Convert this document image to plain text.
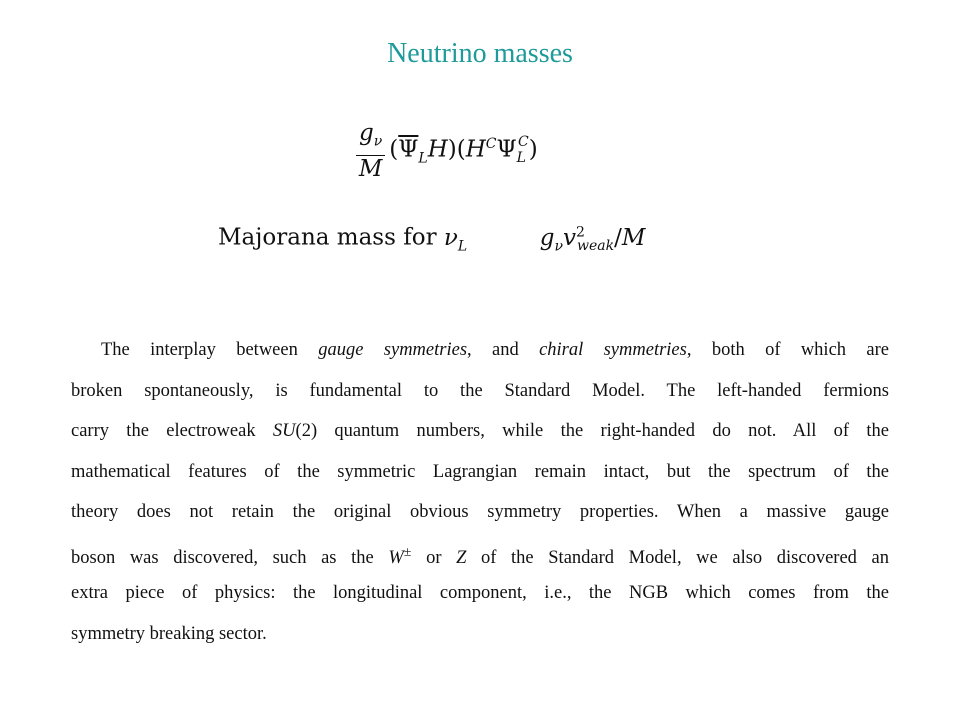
Neutrino masses
$\frac{g_\nu}{M} (\overline{\Psi}_LH)(H^C\Psi_L^C)$
Majorana mass for $\nu_L$	$g_\nu v^2_{weak}/M$
The interplay between gauge symmetries, and chiral symmetries, both of which are
broken spontaneously, is fundamental to the Standard Model. The left-handed fermions
carry the electroweak SU(2) quantum numbers, while the right-handed do not. All of the
mathematical features of the symmetric Lagrangian remain intact, but the spectrum of the
theory does not retain the original obvious symmetry properties. When a massive gauge
boson was discovered, such as the W± or Z of the Standard Model, we also discovered an
extra piece of physics: the longitudinal component, i.e., the NGB which comes from the
symmetry breaking sector.
